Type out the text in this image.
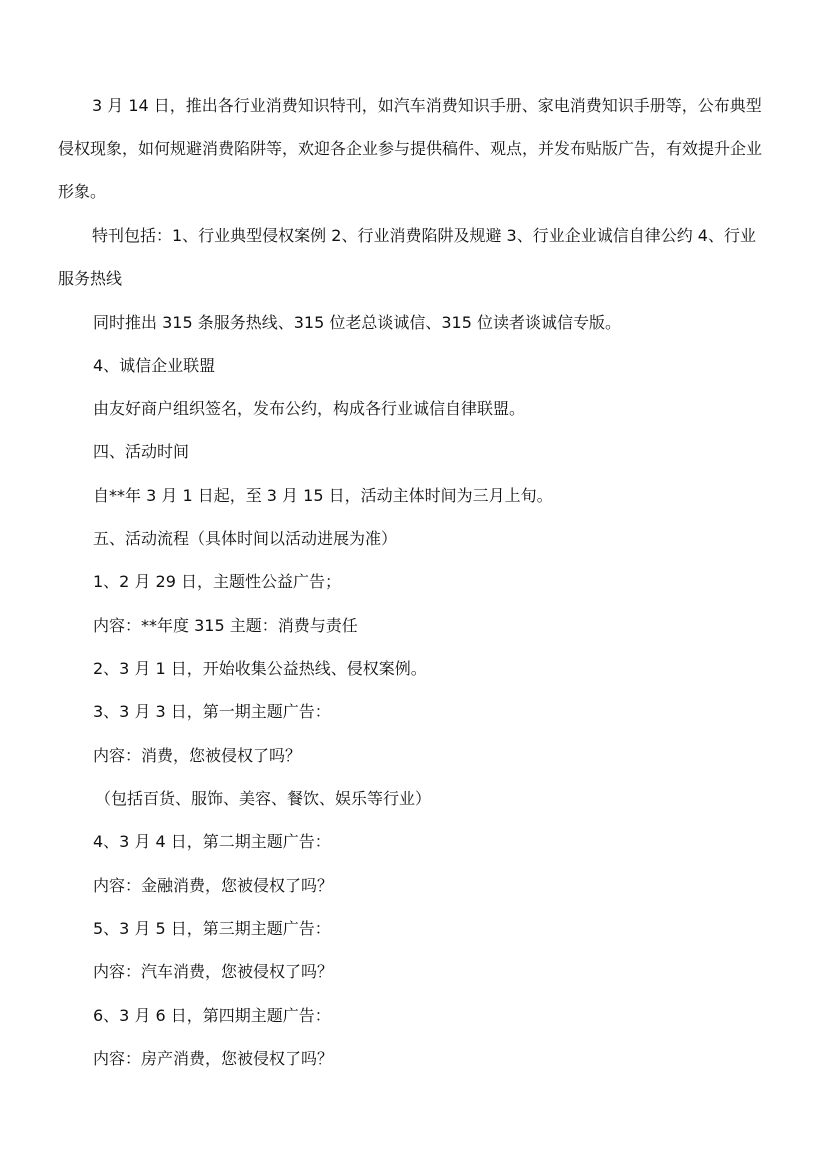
3 月 14 日，推出各行业消费知识特刊，如汽车消费知识手册、家电消费知识手册等，公布典型侵权现象，如何规避消费陷阱等，欢迎各企业参与提供稿件、观点，并发布贴版广告，有效提升企业形象。

特刊包括：1、行业典型侵权案例 2、行业消费陷阱及规避 3、行业企业诚信自律公约 4、行业服务热线

同时推出 315 条服务热线、315 位老总谈诚信、315 位读者谈诚信专版。

4、诚信企业联盟

由友好商户组织签名，发布公约，构成各行业诚信自律联盟。

四、活动时间

自**年 3 月 1 日起，至 3 月 15 日，活动主体时间为三月上旬。

五、活动流程（具体时间以活动进展为准）

1、2 月 29 日，主题性公益广告；

内容：**年度 315 主题：消费与责任

2、3 月 1 日，开始收集公益热线、侵权案例。

3、3 月 3 日，第一期主题广告：

内容：消费，您被侵权了吗？

（包括百货、服饰、美容、餐饮、娱乐等行业）

4、3 月 4 日，第二期主题广告：

内容：金融消费，您被侵权了吗？

5、3 月 5 日，第三期主题广告：

内容：汽车消费，您被侵权了吗？

6、3 月 6 日，第四期主题广告：

内容：房产消费，您被侵权了吗？
